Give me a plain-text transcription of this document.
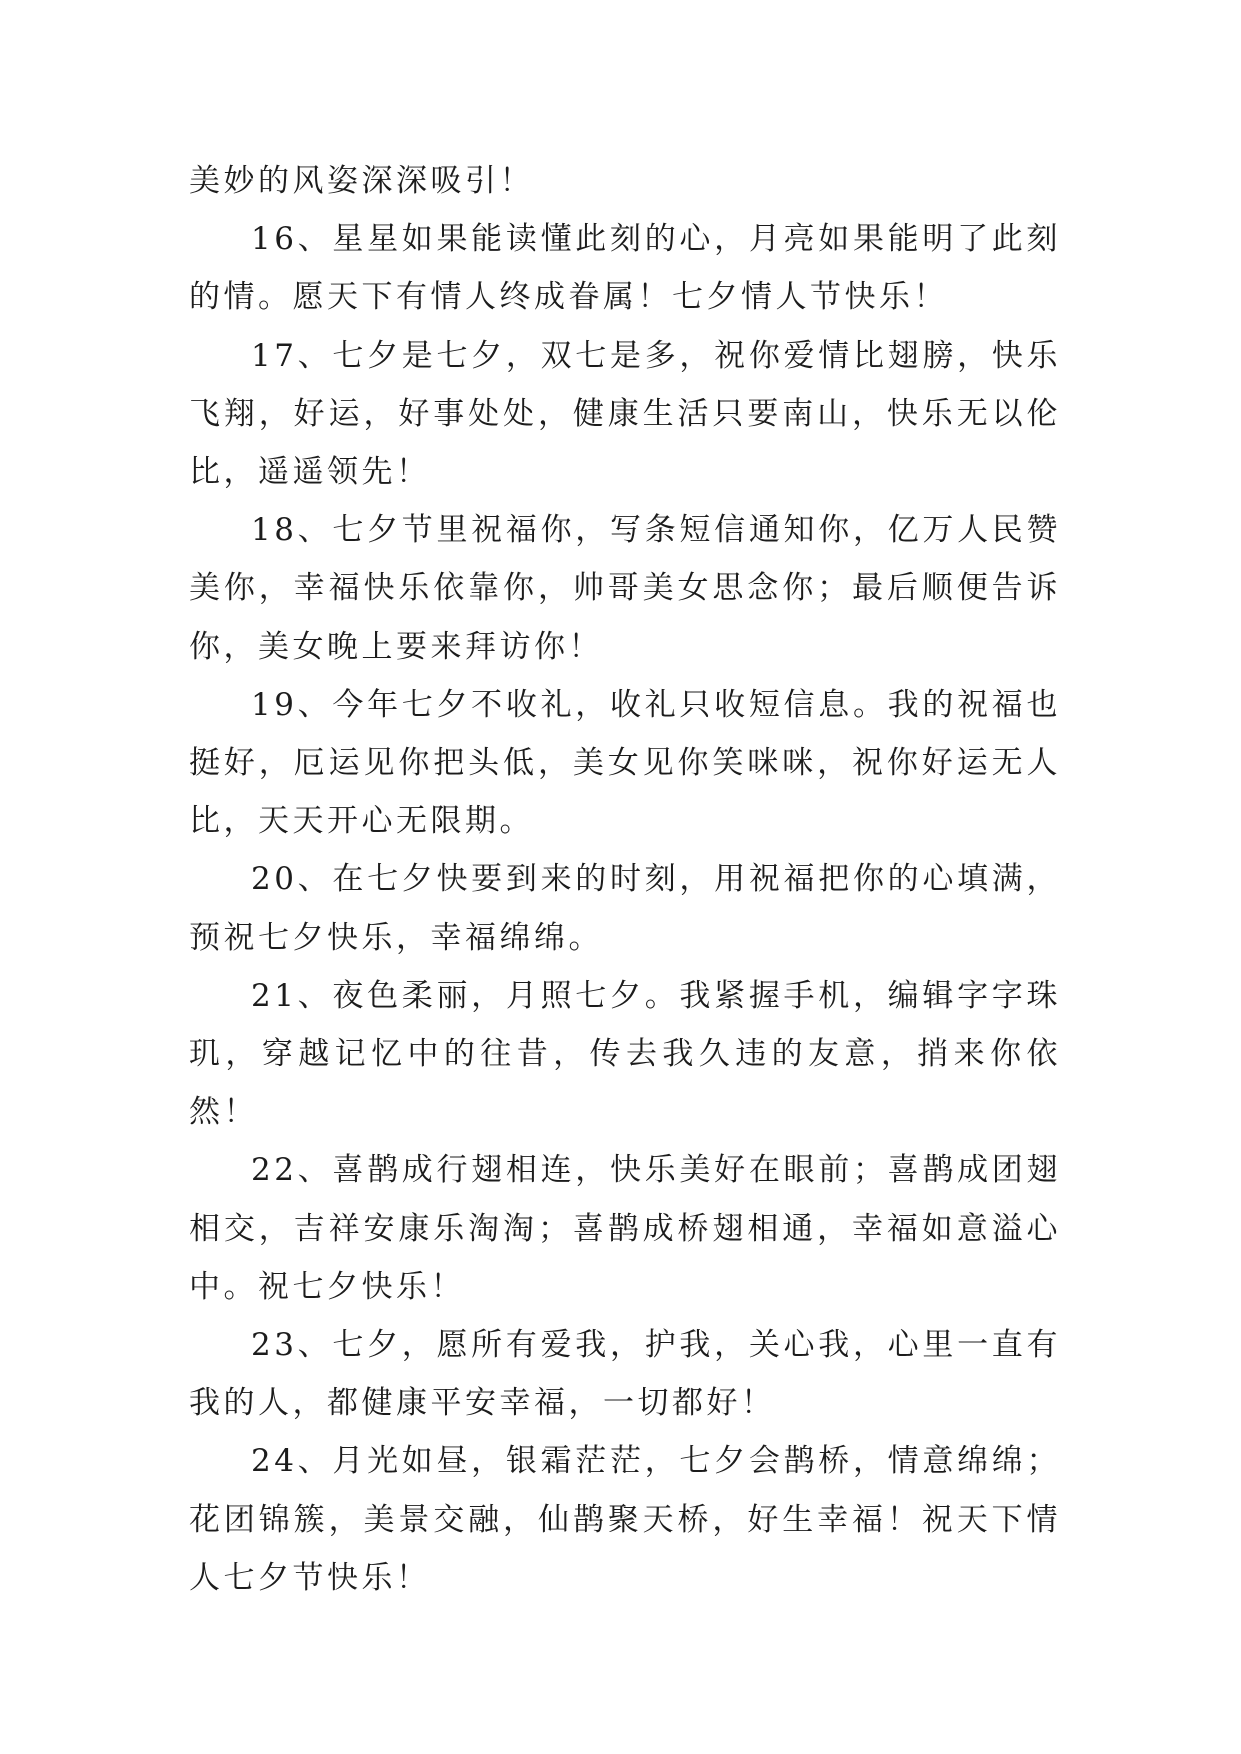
美妙的风姿深深吸引！

16、星星如果能读懂此刻的心，月亮如果能明了此刻的情。愿天下有情人终成眷属！七夕情人节快乐！

17、七夕是七夕，双七是多，祝你爱情比翅膀，快乐飞翔，好运，好事处处，健康生活只要南山，快乐无以伦比，遥遥领先！

18、七夕节里祝福你，写条短信通知你，亿万人民赞美你，幸福快乐依靠你，帅哥美女思念你；最后顺便告诉你，美女晚上要来拜访你！

19、今年七夕不收礼，收礼只收短信息。我的祝福也挺好，厄运见你把头低，美女见你笑咪咪，祝你好运无人比，天天开心无限期。

20、在七夕快要到来的时刻，用祝福把你的心填满，预祝七夕快乐，幸福绵绵。

21、夜色柔丽，月照七夕。我紧握手机，编辑字字珠玑，穿越记忆中的往昔，传去我久违的友意，捎来你依然！

22、喜鹊成行翅相连，快乐美好在眼前；喜鹊成团翅相交，吉祥安康乐淘淘；喜鹊成桥翅相通，幸福如意溢心中。祝七夕快乐！

23、七夕，愿所有爱我，护我，关心我，心里一直有我的人，都健康平安幸福，一切都好！

24、月光如昼，银霜茫茫，七夕会鹊桥，情意绵绵；花团锦簇，美景交融，仙鹊聚天桥，好生幸福！祝天下情人七夕节快乐！
